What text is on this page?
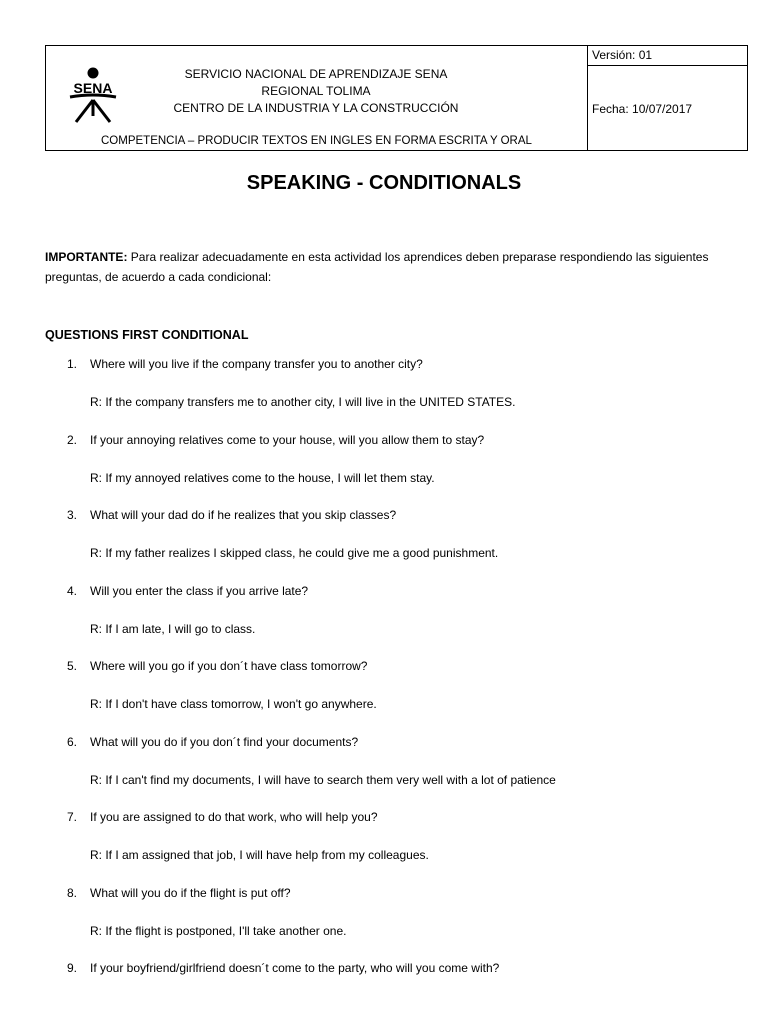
SENA
SERVICIO NACIONAL DE APRENDIZAJE SENA
REGIONAL TOLIMA
CENTRO DE LA INDUSTRIA Y LA CONSTRUCCIÓN
COMPETENCIA – PRODUCIR TEXTOS EN INGLES EN FORMA ESCRITA Y ORAL
Versión: 01
Fecha: 10/07/2017
SPEAKING - CONDITIONALS
IMPORTANTE: Para realizar adecuadamente en esta actividad los aprendices deben preparase respondiendo las siguientes preguntas, de acuerdo a cada condicional:
QUESTIONS FIRST CONDITIONAL
1. Where will you live if the company transfer you to another city?
R: If the company transfers me to another city, I will live in the UNITED STATES.
2. If your annoying relatives come to your house, will you allow them to stay?
R: If my annoyed relatives come to the house, I will let them stay.
3. What will your dad do if he realizes that you skip classes?
R: If my father realizes I skipped class, he could give me a good punishment.
4. Will you enter the class if you arrive late?
R: If I am late, I will go to class.
5. Where will you go if you don´t have class tomorrow?
R: If I don't have class tomorrow, I won't go anywhere.
6. What will you do if you don´t find your documents?
R: If I can't find my documents, I will have to search them very well with a lot of patience
7. If you are assigned to do that work, who will help you?
R: If I am assigned that job, I will have help from my colleagues.
8. What will you do if the flight is put off?
R: If the flight is postponed, I'll take another one.
9. If your boyfriend/girlfriend doesn´t come to the party, who will you come with?
